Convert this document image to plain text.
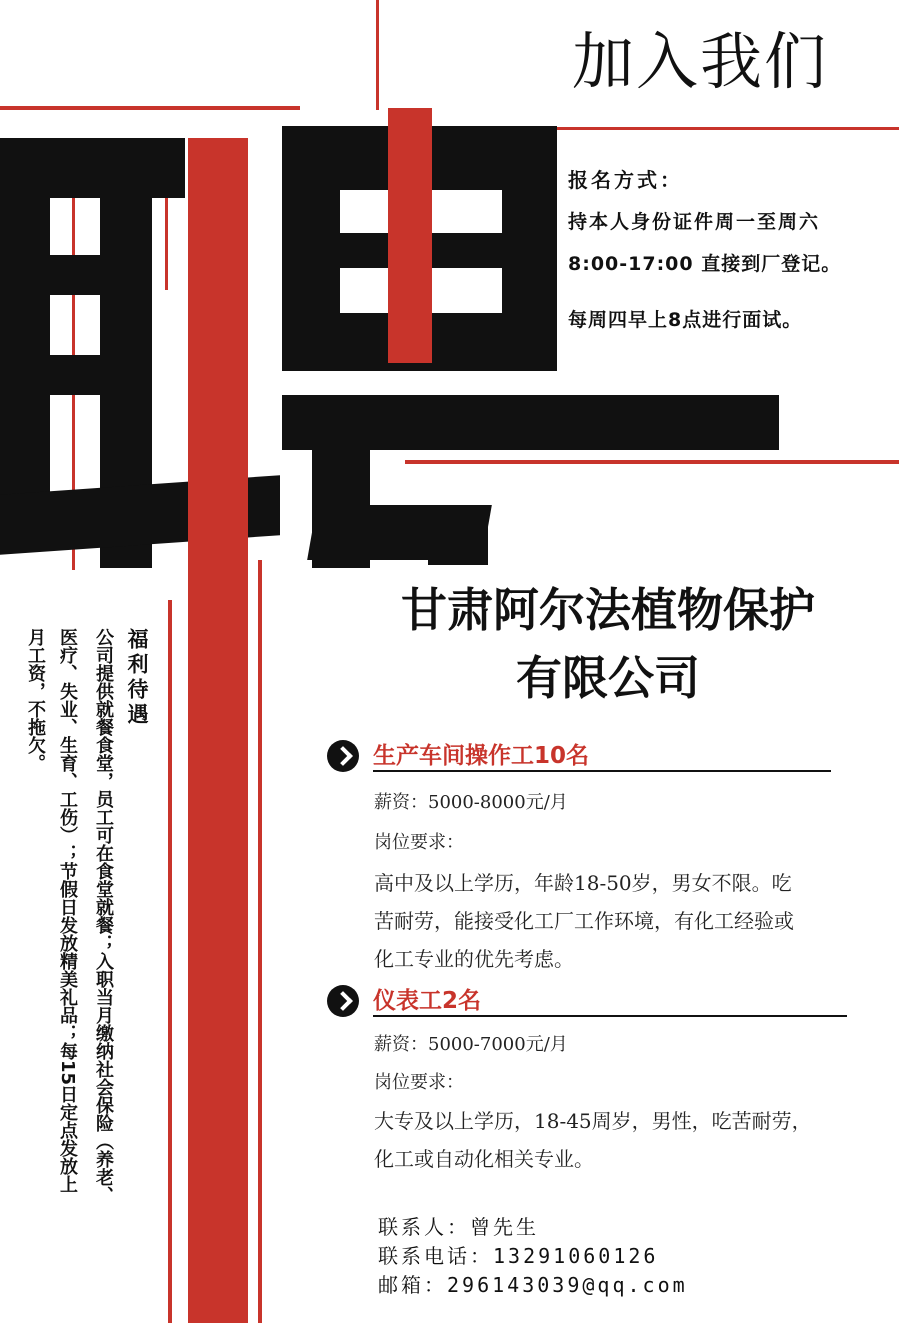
加入我们

报名方式：

持本人身份证件周一至周六

8:00-17:00 直接到厂登记。

每周四早上8点进行面试。

甘肃阿尔法植物保护
有限公司
生产车间操作工10名
薪资：5000-8000元/月
岗位要求：
高中及以上学历，年龄18-50岁，男女不限。吃
苦耐劳，能接受化工厂工作环境，有化工经验或
化工专业的优先考虑。
仪表工2名
薪资：5000-7000元/月
岗位要求：
大专及以上学历，18-45周岁，男性，吃苦耐劳，
化工或自动化相关专业。
联系人：曾先生
联系电话：13291060126
邮箱：296143039@qq.com
福利待遇
公司提供就餐食堂，员工可在食堂就餐；入职当月缴纳社会保险（养老、
医疗、失业、生育、工伤）；节假日发放精美礼品；每15日定点发放上
月工资，不拖欠。
